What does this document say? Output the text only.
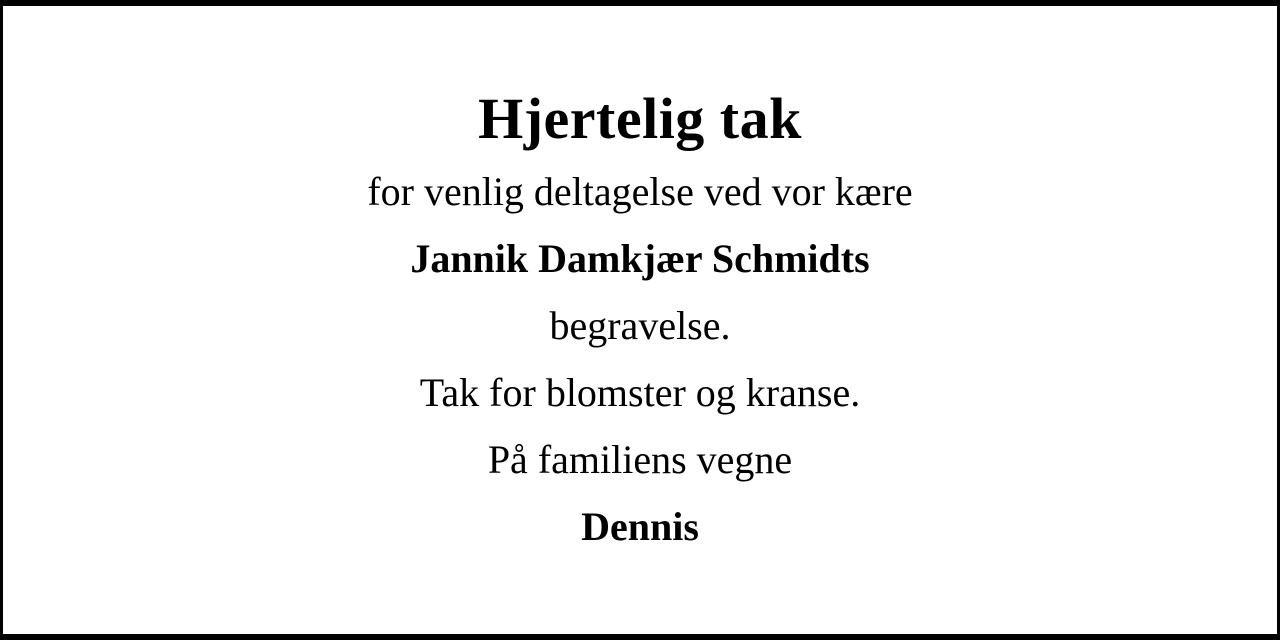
Hjertelig tak
for venlig deltagelse ved vor kære
Jannik Damkjær Schmidts
begravelse.
Tak for blomster og kranse.
På familiens vegne
Dennis
